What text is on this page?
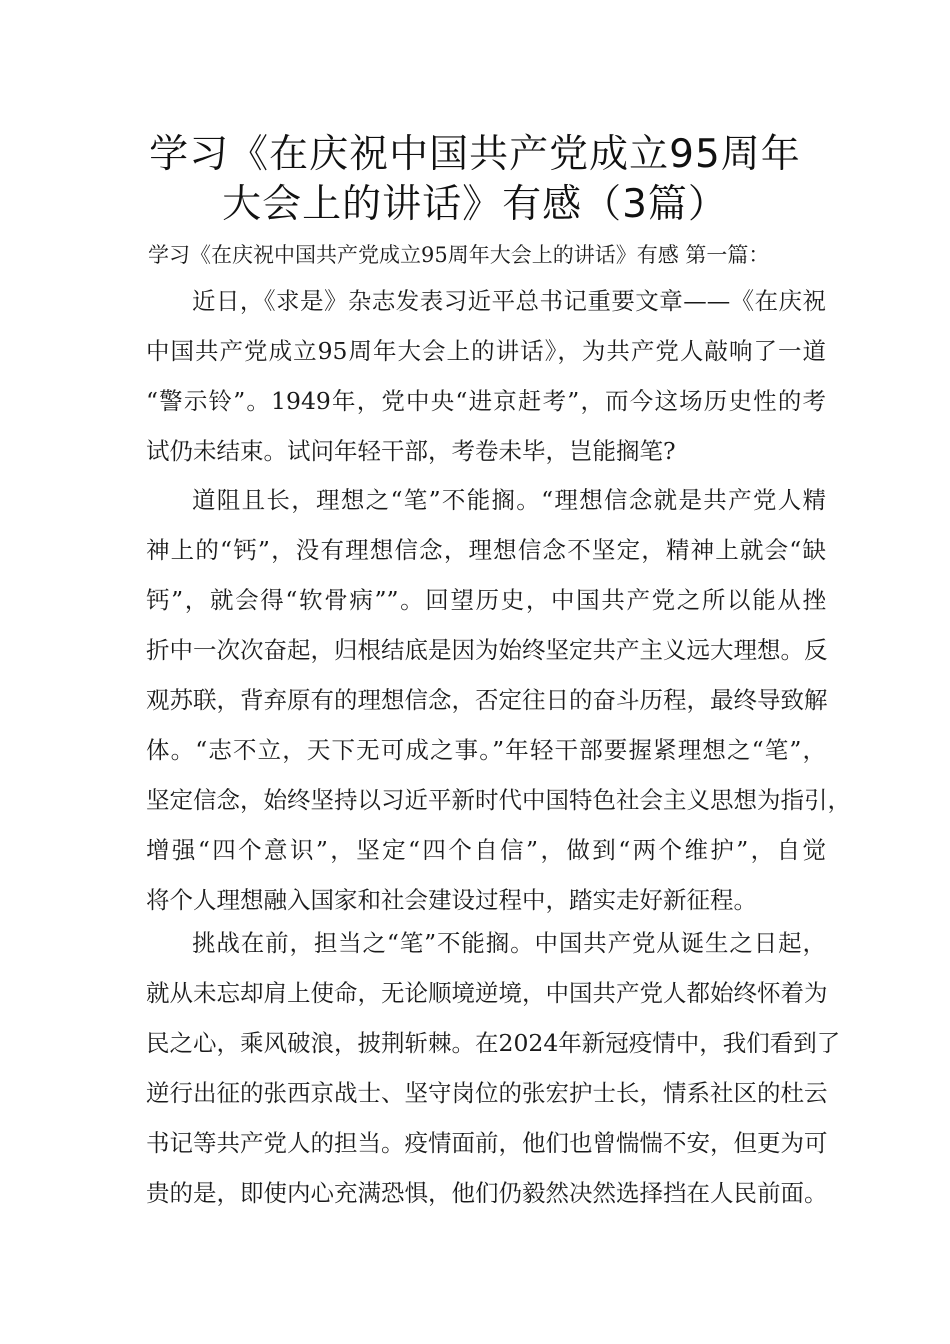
学习《在庆祝中国共产党成立95周年
大会上的讲话》有感（3篇）
学习《在庆祝中国共产党成立95周年大会上的讲话》有感 第一篇：
近日，《求是》杂志发表习近平总书记重要文章——《在庆祝
中国共产党成立95周年大会上的讲话》，为共产党人敲响了一道
“警示铃”。1949年，党中央“进京赶考”，而今这场历史性的考
试仍未结束。试问年轻干部，考卷未毕，岂能搁笔?
道阻且长，理想之“笔”不能搁。“理想信念就是共产党人精
神上的“钙”，没有理想信念，理想信念不坚定，精神上就会“缺
钙”，就会得“软骨病””。回望历史，中国共产党之所以能从挫
折中一次次奋起，归根结底是因为始终坚定共产主义远大理想。反
观苏联，背弃原有的理想信念，否定往日的奋斗历程，最终导致解
体。“志不立，天下无可成之事。”年轻干部要握紧理想之“笔”，
坚定信念，始终坚持以习近平新时代中国特色社会主义思想为指引，
增强“四个意识”，坚定“四个自信”，做到“两个维护”，自觉
将个人理想融入国家和社会建设过程中，踏实走好新征程。
挑战在前，担当之“笔”不能搁。中国共产党从诞生之日起，
就从未忘却肩上使命，无论顺境逆境，中国共产党人都始终怀着为
民之心，乘风破浪，披荆斩棘。在2024年新冠疫情中，我们看到了
逆行出征的张西京战士、坚守岗位的张宏护士长，情系社区的杜云
书记等共产党人的担当。疫情面前，他们也曾惴惴不安，但更为可
贵的是，即使内心充满恐惧，他们仍毅然决然选择挡在人民前面。
